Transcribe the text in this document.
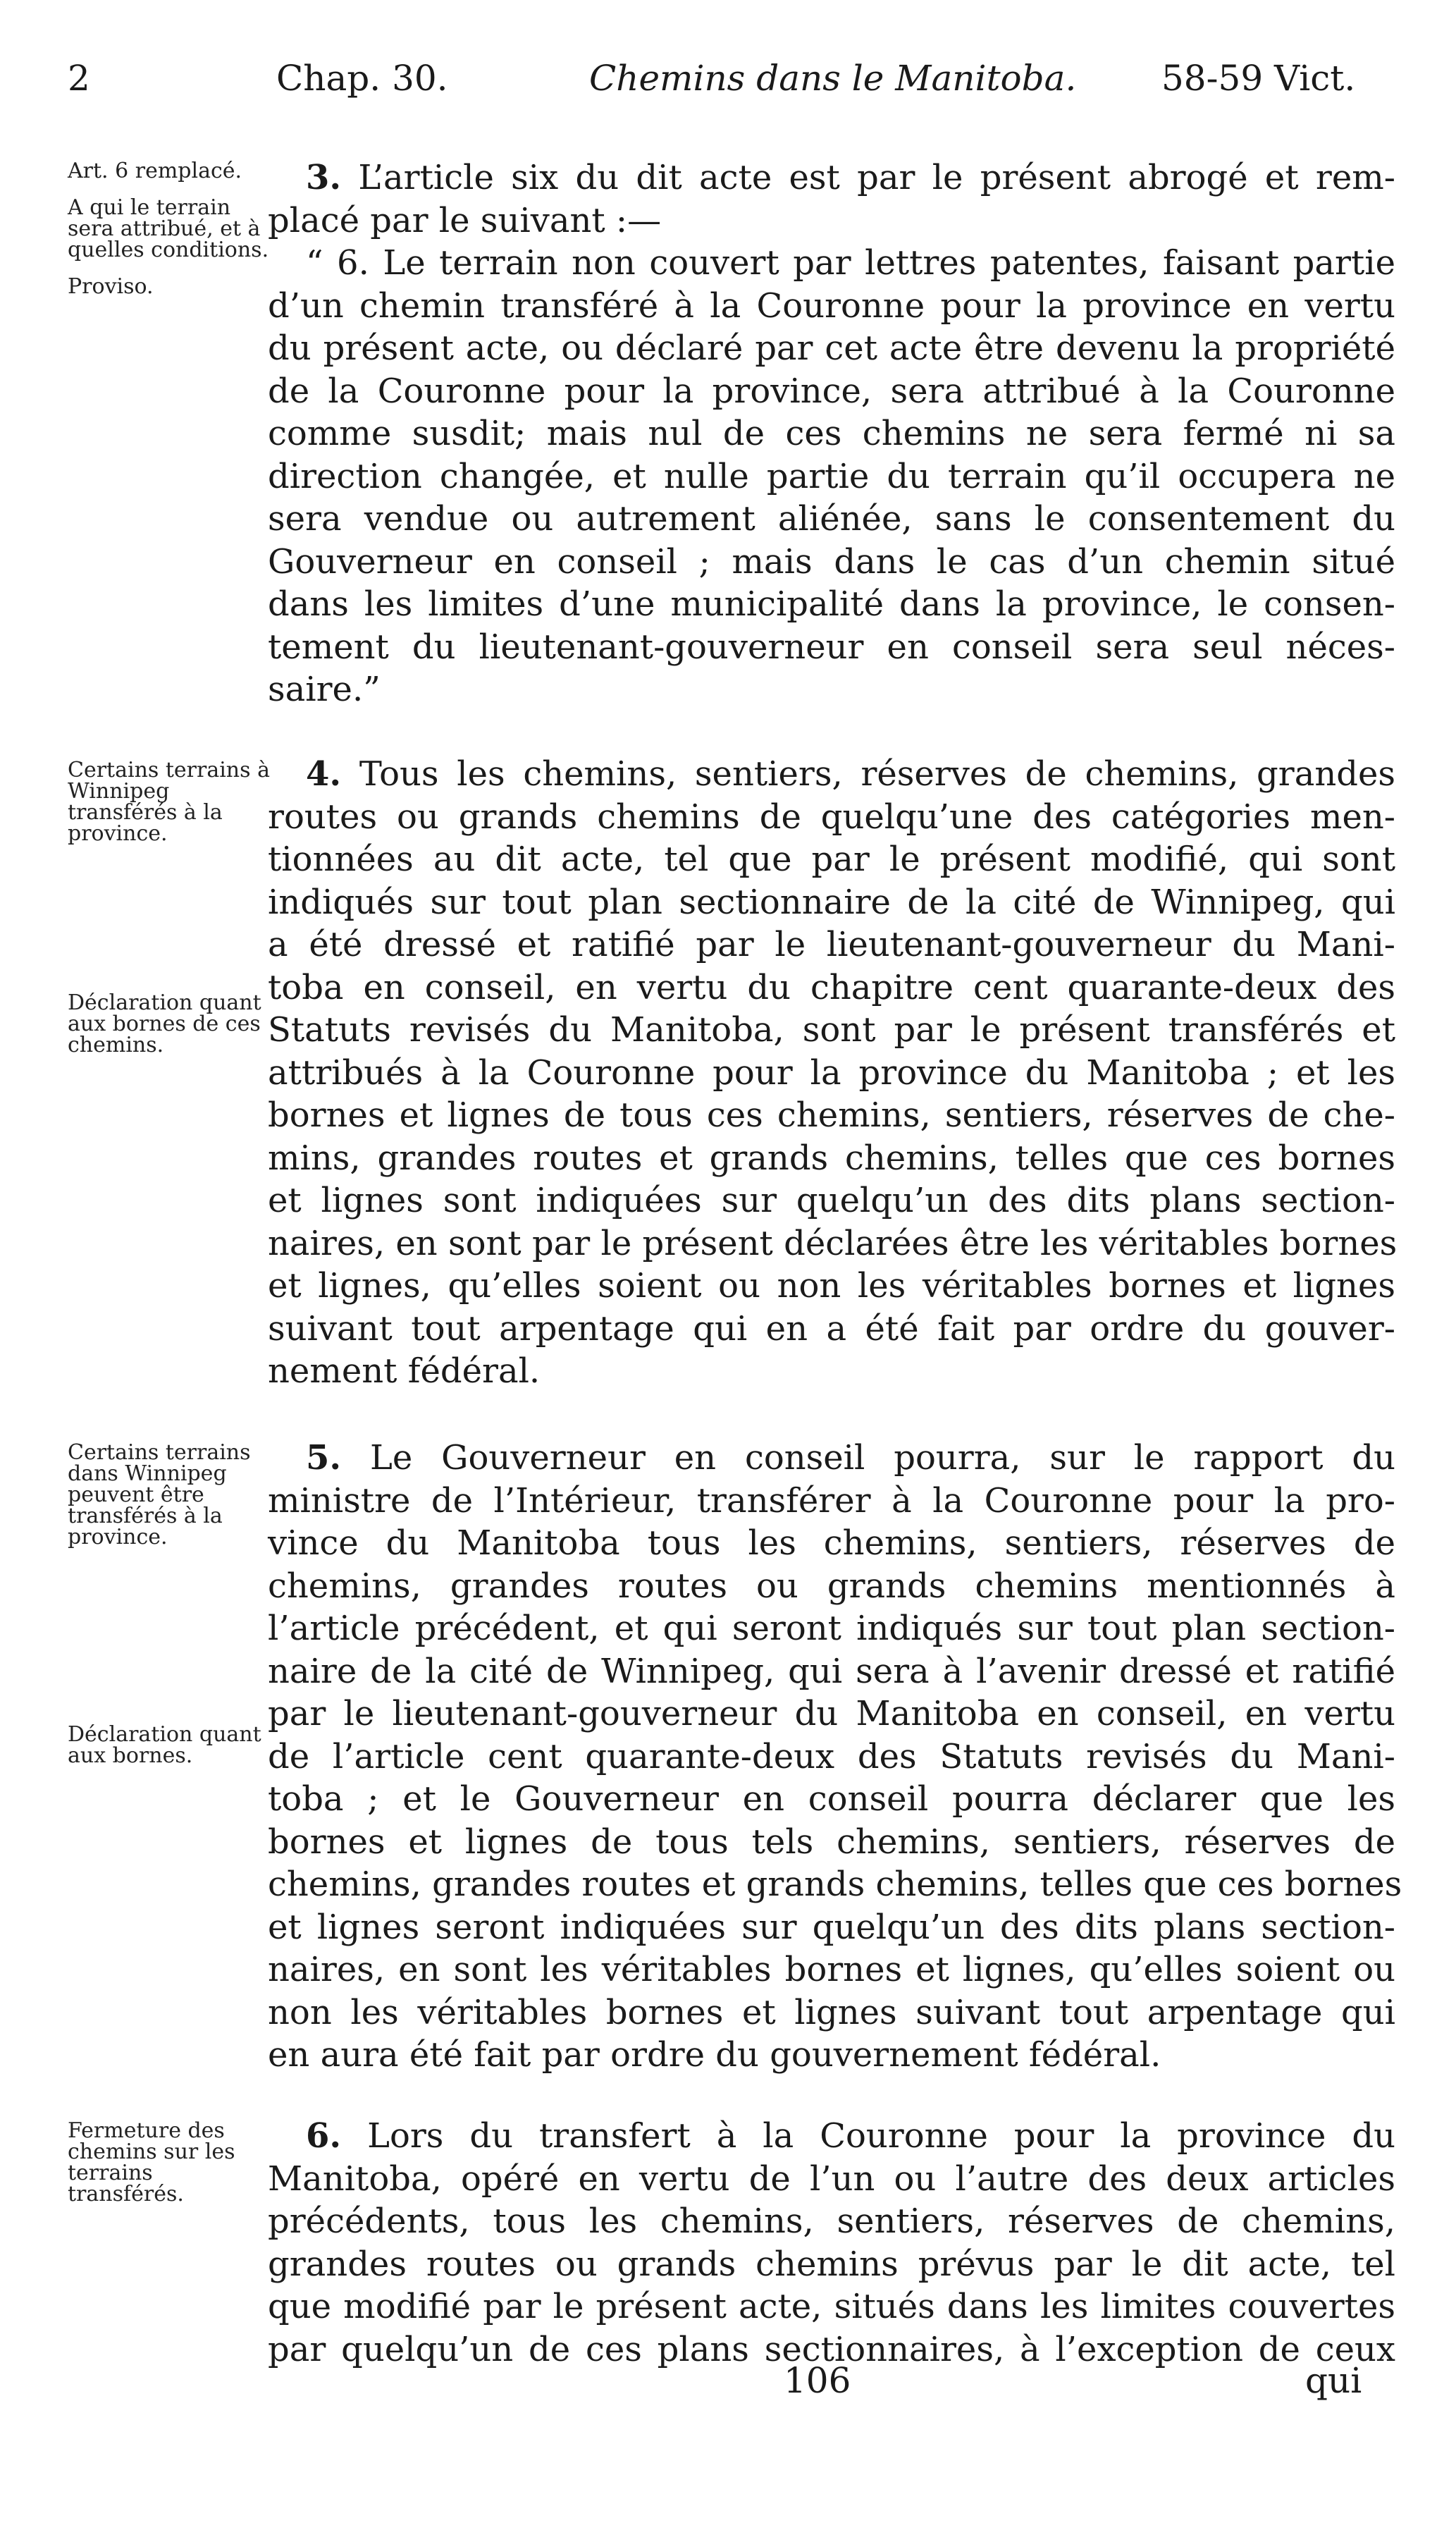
2	Chap. 30.	Chemins dans le Manitoba. 58-59 Vict.
Art. 6 remplacé.
A qui le terrain sera attribué, et à quelles conditions.
Proviso.
3. L’article six du dit acte est par le présent abrogé et rem-
placé par le suivant :—
“ 6. Le terrain non couvert par lettres patentes, faisant partie
d’un chemin transféré à la Couronne pour la province en vertu
du présent acte, ou déclaré par cet acte être devenu la propriété
de la Couronne pour la province, sera attribué à la Couronne
comme susdit; mais nul de ces chemins ne sera fermé ni sa
direction changée, et nulle partie du terrain qu’il occupera ne
sera vendue ou autrement aliénée, sans le consentement du
Gouverneur en conseil ; mais dans le cas d’un chemin situé
dans les limites d’une municipalité dans la province, le consen-
tement du lieutenant-gouverneur en conseil sera seul néces-
saire.”
Certains terrains à Winnipeg transférés à la province.
Déclaration quant aux bornes de ces chemins.
4. Tous les chemins, sentiers, réserves de chemins, grandes
routes ou grands chemins de quelqu’une des catégories men-
tionnées au dit acte, tel que par le présent modifié, qui sont
indiqués sur tout plan sectionnaire de la cité de Winnipeg, qui
a été dressé et ratifié par le lieutenant-gouverneur du Mani-
toba en conseil, en vertu du chapitre cent quarante-deux des
Statuts revisés du Manitoba, sont par le présent transférés et
attribués à la Couronne pour la province du Manitoba ; et les
bornes et lignes de tous ces chemins, sentiers, réserves de che-
mins, grandes routes et grands chemins, telles que ces bornes
et lignes sont indiquées sur quelqu’un des dits plans section-
naires, en sont par le présent déclarées être les véritables bornes
et lignes, qu’elles soient ou non les véritables bornes et lignes
suivant tout arpentage qui en a été fait par ordre du gouver-
nement fédéral.
Certains terrains dans Winnipeg peuvent être transférés à la province.
Déclaration quant aux bornes.
5. Le Gouverneur en conseil pourra, sur le rapport du
ministre de l’Intérieur, transférer à la Couronne pour la pro-
vince du Manitoba tous les chemins, sentiers, réserves de
chemins, grandes routes ou grands chemins mentionnés à
l’article précédent, et qui seront indiqués sur tout plan section-
naire de la cité de Winnipeg, qui sera à l’avenir dressé et ratifié
par le lieutenant-gouverneur du Manitoba en conseil, en vertu
de l’article cent quarante-deux des Statuts revisés du Mani-
toba ; et le Gouverneur en conseil pourra déclarer que les
bornes et lignes de tous tels chemins, sentiers, réserves de
chemins, grandes routes et grands chemins, telles que ces bornes
et lignes seront indiquées sur quelqu’un des dits plans section-
naires, en sont les véritables bornes et lignes, qu’elles soient ou
non les véritables bornes et lignes suivant tout arpentage qui
en aura été fait par ordre du gouvernement fédéral.
Fermeture des chemins sur les terrains transférés.
6. Lors du transfert à la Couronne pour la province du
Manitoba, opéré en vertu de l’un ou l’autre des deux articles
précédents, tous les chemins, sentiers, réserves de chemins,
grandes routes ou grands chemins prévus par le dit acte, tel
que modifié par le présent acte, situés dans les limites couvertes
par quelqu’un de ces plans sectionnaires, à l’exception de ceux
106	qui
